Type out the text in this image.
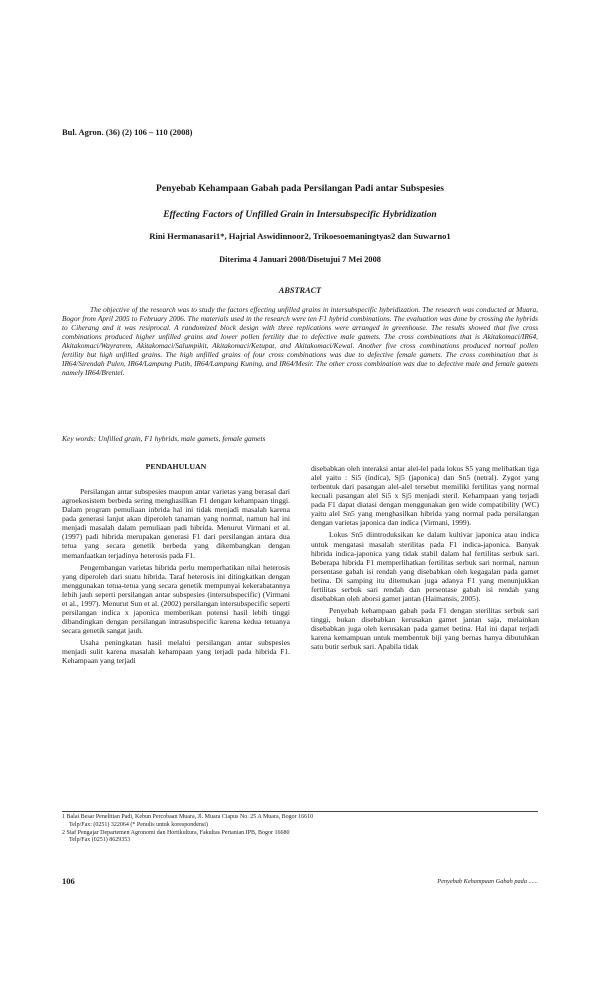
Bul. Agron. (36) (2) 106 – 110 (2008)
Penyebab Kehampaan Gabah pada Persilangan Padi antar Subspesies
Effecting Factors of Unfilled Grain in Intersubspecific Hybridization
Rini Hermanasari1*, Hajrial Aswidinnoor2, Trikoesoemaningtyas2 dan Suwarno1
Diterima 4 Januari 2008/Disetujui 7 Mei 2008
ABSTRACT
The objective of the research was to study the factors effecting unfilled grains in intersubspecific hybridization. The research was conducted at Muara, Bogor from April 2005 to February 2006. The materials used in the research were ten F1 hybrid combinations. The evaluation was done by crossing the hybrids to Ciherang and it was resiprocal. A randomized block design with three replications were arranged in greenhouse. The results showed that five cross combinations produced higher unfilled grains and lower pollen fertility due to defective male gamets. The cross combinations that is Akitakomaci/IR64, Akitakomaci/Wayrarem, Akitakomaci/Salumpikit, Akitakomaci/Ketupat, and Akitakomaci/Kewal. Another five cross combinations produced normal pollen fertility but high unfilled grains. The high unfilled grains of four cross combinations was due to defective female gamets. The cross combination that is IR64/Sirendah Pulen, IR64/Lampung Putih, IR64/Lampung Kuning, and IR64/Mesir. The other cross combination was due to defective male and female gamets namely IR64/Brentel.
Key words: Unfilled grain, F1 hybrids, male gamets, female gamets
PENDAHULUAN

Persilangan antar subspesies maupun antar varietas yang berasal dari agroekosistem berbeda sering menghasilkan F1 dengan kehampaan tinggi. Dalam program pemuliaan inbrida hal ini tidak menjadi masalah karena pada generasi lanjut akan diperoleh tanaman yang normal, namun hal ini menjadi masalah dalam pemuliaan padi hibrida. Menurut Virmani et al. (1997) padi hibrida merupakan generasi F1 dari persilangan antara dua tetua yang secara genetik berbeda yang dikembangkan dengan memanfaatkan terjadinya heterosis pada F1.

Pengembangan varietas hibrida perlu memperhatikan nilai heterosis yang diperoleh dari suatu hibrida. Taraf heterosis ini ditingkatkan dengan menggunakan tetua-tetua yang secara genetik mempunyai kekerabatannya lebih jauh seperti persilangan antar subspesies (intersubspecific) (Virmani et al., 1997). Menurut Sun et al. (2002) persilangan intersubspecific seperti persilangan indica x japonica memberikan potensi hasil lebih tinggi dibandingkan dengan persilangan intrasubspecific karena kedua tetuanya secara genetik sangat jauh.

Usaha peningkatan hasil melalui persilangan antar subspesies menjadi sulit karena masalah kehampaan yang terjadi pada hibrida F1. Kehampaan yang terjadi

disebabkan oleh interaksi antar alel-lel pada lokus S5 yang melibatkan tiga alel yaitu : Si5 (indica), Sj5 (japonica) dan Sn5 (netral). Zygot yang terbentuk dari pasangan alel-alel tersebut memiliki fertilitas yang normal kecuali pasangan alel Si5 x Sj5 menjadi steril. Kehampaan yang terjadi pada F1 dapat diatasi dengan menggunakan gen wide compatibility (WC) yaitu alel Sn5 yang menghasilkan hibrida yang normal pada persilangan dengan varietas japonica dan indica (Virmani, 1999).

Lokus Sn5 diintroduksikan ke dalam kultivar japonica atau indica untuk mengatasi masalah sterilitas pada F1 indica-japonica. Banyak hibrida indica-japonica yang tidak stabil dalam hal fertilitas serbuk sari. Beberapa hibrida F1 memperlihatkan fertilitas serbuk sari normal, namun persentase gabah isi rendah yang disebabkan oleh kegagalan pada gamet betina. Di samping itu ditemukan juga adanya F1 yang menunjukkan fertilitas serbuk sari rendah dan persentase gabah isi rendah yang disebabkan oleh aborsi gamet jantan (Haimansis, 2005).

Penyebab kehampaan gabah pada F1 dengan sterilitas serbuk sari tinggi, bukan disebabkan kerusakan gamet jantan saja, melainkan disebabkan juga oleh kerusakan pada gamet betina. Hal ini dapat terjadi karena kemampuan untuk membentuk biji yang bernas hanya dibutuhkan satu butir serbuk sari. Apabila tidak

1 Balai Besar Penelitian Padi, Kebun Percobaan Muara, Jl. Muara Ciapus No. 25 A Muara, Bogor 16610

Telp/Fax: (0251) 322064 (* Penulis untuk korespondensi)

2 Staf Pengajar Departemen Agronomi dan Hortikultura, Fakultas Pertanian IPB, Bogor 16680

Telp/Fax (0251) 8629353

106	Penyebab Kehampaan Gabah pada ......
